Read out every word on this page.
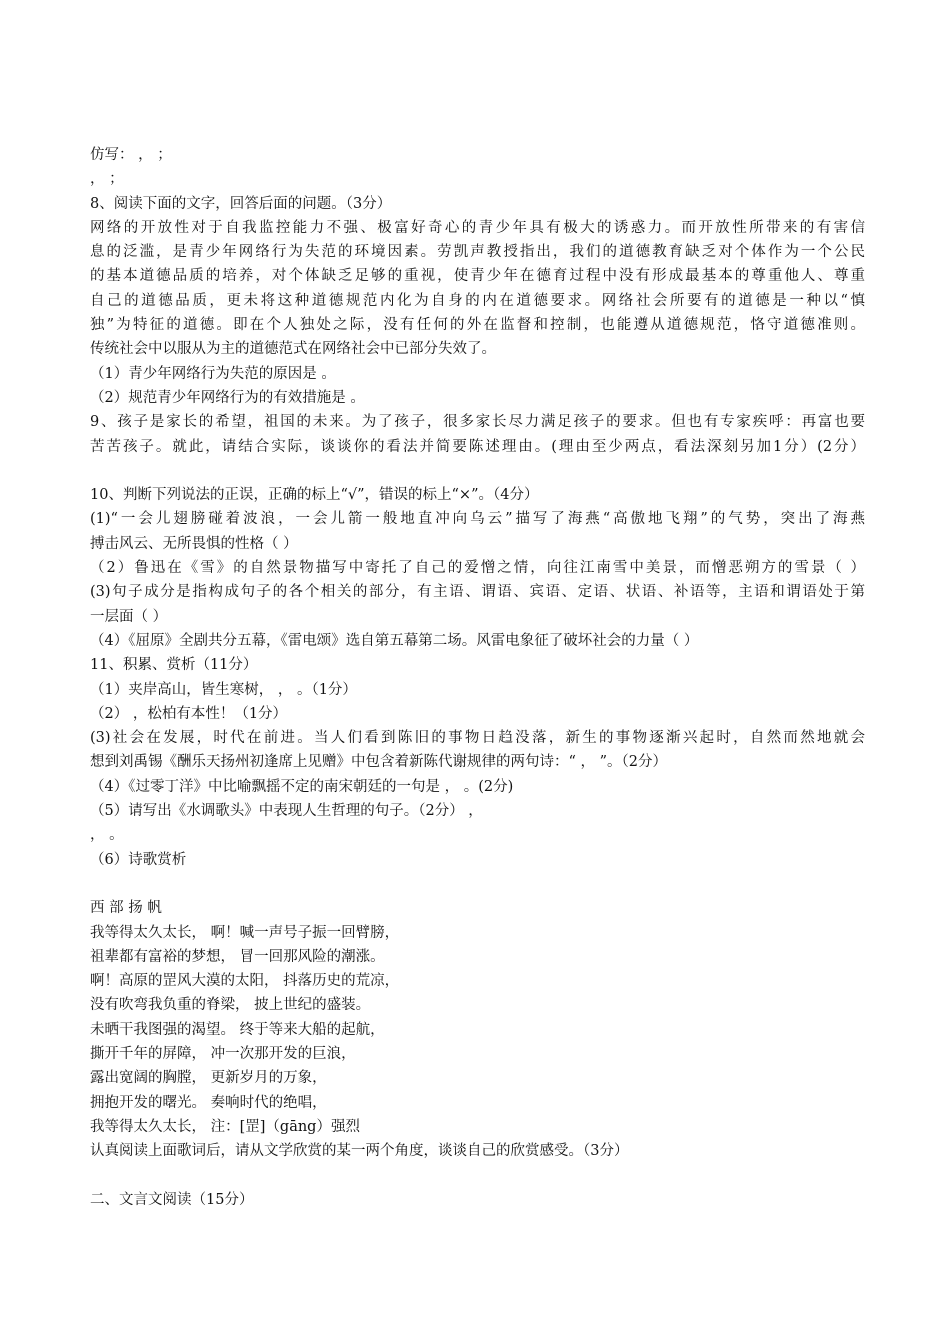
仿写： ， ；
， ；
8、阅读下面的文字，回答后面的问题。（3分）
网络的开放性对于自我监控能力不强、极富好奇心的青少年具有极大的诱惑力。而开放性所带来的有害信
息的泛滥，是青少年网络行为失范的环境因素。劳凯声教授指出，我们的道德教育缺乏对个体作为一个公民
的基本道德品质的培养，对个体缺乏足够的重视，使青少年在德育过程中没有形成最基本的尊重他人、尊重
自己的道德品质，更未将这种道德规范内化为自身的内在道德要求。网络社会所要有的道德是一种以“慎
独”为特征的道德。即在个人独处之际，没有任何的外在监督和控制，也能遵从道德规范，恪守道德准则。
传统社会中以服从为主的道德范式在网络社会中已部分失效了。
（1）青少年网络行为失范的原因是 。
（2）规范青少年网络行为的有效措施是 。
9、孩子是家长的希望，祖国的未来。为了孩子，很多家长尽力满足孩子的要求。但也有专家疾呼：再富也要
苦苦孩子。就此，请结合实际，谈谈你的看法并简要陈述理由。(理由至少两点，看法深刻另加1分）(2分）
10、判断下列说法的正误，正确的标上“√”，错误的标上“×”。（4分）
(1)“一会儿翅膀碰着波浪，一会儿箭一般地直冲向乌云”描写了海燕“高傲地飞翔”的气势，突出了海燕
搏击风云、无所畏惧的性格（ ）
（2）鲁迅在《雪》的自然景物描写中寄托了自己的爱憎之情，向往江南雪中美景，而憎恶朔方的雪景（ ）
(3)句子成分是指构成句子的各个相关的部分，有主语、谓语、宾语、定语、状语、补语等，主语和谓语处于第
一层面（ ）
（4）《屈原》全剧共分五幕，《雷电颂》选自第五幕第二场。风雷电象征了破坏社会的力量（ ）
11、积累、赏析（11分）
（1）夹岸高山，皆生寒树， ， 。（1分）
（2） ，松柏有本性！（1分）
(3)社会在发展，时代在前进。当人们看到陈旧的事物日趋没落，新生的事物逐渐兴起时，自然而然地就会
想到刘禹锡《酬乐天扬州初逢席上见赠》中包含着新陈代谢规律的两句诗：“ ， ”。（2分）
（4）《过零丁洋》中比喻飘摇不定的南宋朝廷的一句是 ， 。(2分)
（5）请写出《水调歌头》中表现人生哲理的句子。（2分） ，
， 。
（6）诗歌赏析
西 部 扬 帆
我等得太久太长， 啊！喊一声号子振一回臂膀，
祖辈都有富裕的梦想， 冒一回那风险的潮涨。
啊！高原的罡风大漠的太阳， 抖落历史的荒凉，
没有吹弯我负重的脊梁， 披上世纪的盛装。
未晒干我图强的渴望。 终于等来大船的起航，
撕开千年的屏障， 冲一次那开发的巨浪，
露出宽阔的胸膛， 更新岁月的万象，
拥抱开发的曙光。 奏响时代的绝唱，
我等得太久太长， 注：[罡]（gāng）强烈
认真阅读上面歌词后，请从文学欣赏的某一两个角度，谈谈自己的欣赏感受。（3分）
二、文言文阅读（15分）
